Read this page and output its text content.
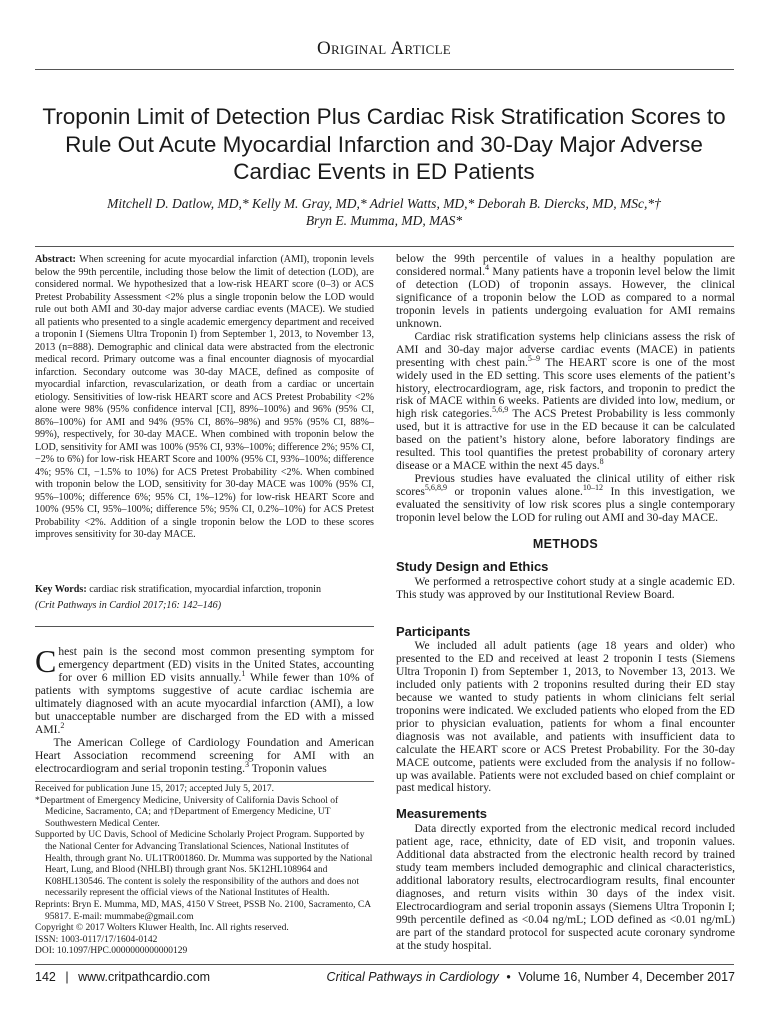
Original Article
Troponin Limit of Detection Plus Cardiac Risk Stratification Scores to Rule Out Acute Myocardial Infarction and 30-Day Major Adverse Cardiac Events in ED Patients
Mitchell D. Datlow, MD,* Kelly M. Gray, MD,* Adriel Watts, MD,* Deborah B. Diercks, MD, MSc,*†
Bryn E. Mumma, MD, MAS*

Abstract: When screening for acute myocardial infarction (AMI), troponin levels below the 99th percentile, including those below the limit of detection (LOD), are considered normal. We hypothesized that a low-risk HEART score (0–3) or ACS Pretest Probability Assessment <2% plus a single troponin below the LOD would rule out both AMI and 30-day major adverse cardiac events (MACE). We studied all patients who presented to a single academic emergency department and received a troponin I (Siemens Ultra Troponin I) from September 1, 2013, to November 13, 2013 (n=888). Demographic and clinical data were abstracted from the electronic medical record. Primary outcome was a final encounter diagnosis of myocardial infarction. Secondary outcome was 30-day MACE, defined as composite of myocardial infarction, revascularization, or death from a cardiac or uncertain etiology. Sensitivities of low-risk HEART score and ACS Pretest Probability <2% alone were 98% (95% confidence interval [CI], 89%–100%) and 96% (95% CI, 86%–100%) for AMI and 94% (95% CI, 86%–98%) and 95% (95% CI, 88%–99%), respectively, for 30-day MACE. When combined with troponin below the LOD, sensitivity for AMI was 100% (95% CI, 93%–100%; difference 2%; 95% CI, −2% to 6%) for low-risk HEART Score and 100% (95% CI, 93%–100%; difference 4%; 95% CI, −1.5% to 10%) for ACS Pretest Probability <2%. When combined with troponin below the LOD, sensitivity for 30-day MACE was 100% (95% CI, 95%–100%; difference 6%; 95% CI, 1%–12%) for low-risk HEART Score and 100% (95% CI, 95%–100%; difference 5%; 95% CI, 0.2%–10%) for ACS Pretest Probability <2%. Addition of a single troponin below the LOD to these scores improves sensitivity for 30-day MACE.

Key Words: cardiac risk stratification, myocardial infarction, troponin

(Crit Pathways in Cardiol 2017;16: 142–146)

Chest pain is the second most common presenting symptom for emergency department (ED) visits in the United States, accounting for over 6 million ED visits annually.$^1$ While fewer than 10% of patients with symptoms suggestive of acute cardiac ischemia are ultimately diagnosed with an acute myocardial infarction (AMI), a low but unacceptable number are discharged from the ED with a missed AMI.$^2$

The American College of Cardiology Foundation and American Heart Association recommend screening for AMI with an electrocardiogram and serial troponin testing.$^3$ Troponin values

Received for publication June 15, 2017; accepted July 5, 2017.

*Department of Emergency Medicine, University of California Davis School of Medicine, Sacramento, CA; and †Department of Emergency Medicine, UT Southwestern Medical Center.

Supported by UC Davis, School of Medicine Scholarly Project Program. Supported by the National Center for Advancing Translational Sciences, National Institutes of Health, through grant No. UL1TR001860. Dr. Mumma was supported by the National Heart, Lung, and Blood (NHLBI) through grant Nos. 5K12HL108964 and K08HL130546. The content is solely the responsibility of the authors and does not necessarily represent the official views of the National Institutes of Health.

Reprints: Bryn E. Mumma, MD, MAS, 4150 V Street, PSSB No. 2100, Sacramento, CA 95817. E-mail: mummabe@gmail.com

Copyright © 2017 Wolters Kluwer Health, Inc. All rights reserved.

ISSN: 1003-0117/17/1604-0142

DOI: 10.1097/HPC.0000000000000129

below the 99th percentile of values in a healthy population are considered normal.$^4$ Many patients have a troponin level below the limit of detection (LOD) of troponin assays. However, the clinical significance of a troponin below the LOD as compared to a normal troponin levels in patients undergoing evaluation for AMI remains unknown.

Cardiac risk stratification systems help clinicians assess the risk of AMI and 30-day major adverse cardiac events (MACE) in patients presenting with chest pain.$^{5-9}$ The HEART score is one of the most widely used in the ED setting. This score uses elements of the patient’s history, electrocardiogram, age, risk factors, and troponin to predict the risk of MACE within 6 weeks. Patients are divided into low, medium, or high risk categories.$^{5,6,9}$ The ACS Pretest Probability is less commonly used, but it is attractive for use in the ED because it can be calculated based on the patient’s history alone, before laboratory findings are resulted. This tool quantifies the pretest probability of coronary artery disease or a MACE within the next 45 days.$^8$

Previous studies have evaluated the clinical utility of either risk scores$^{5,6,8,9}$ or troponin values alone.$^{10-12}$ In this investigation, we evaluated the sensitivity of low risk scores plus a single contemporary troponin level below the LOD for ruling out AMI and 30-day MACE.

METHODS
Study Design and Ethics

We performed a retrospective cohort study at a single academic ED. This study was approved by our Institutional Review Board.

Participants

We included all adult patients (age 18 years and older) who presented to the ED and received at least 2 troponin I tests (Siemens Ultra Troponin I) from September 1, 2013, to November 13, 2013. We included only patients with 2 troponins resulted during their ED stay because we wanted to study patients in whom clinicians felt serial troponins were indicated. We excluded patients who eloped from the ED prior to physician evaluation, patients for whom a final encounter diagnosis was not available, and patients with insufficient data to calculate the HEART score or ACS Pretest Probability. For the 30-day MACE outcome, patients were excluded from the analysis if no follow-up was available. Patients were not excluded based on chief complaint or past medical history.

Measurements

Data directly exported from the electronic medical record included patient age, race, ethnicity, date of ED visit, and troponin values. Additional data abstracted from the electronic health record by trained study team members included demographic and clinical characteristics, additional laboratory results, electrocardiogram results, final encounter diagnoses, and return visits within 30 days of the index visit. Electrocardiogram and serial troponin assays (Siemens Ultra Troponin I; 99th percentile defined as <0.04 ng/mL; LOD defined as <0.01 ng/mL) are part of the standard protocol for suspected acute coronary syndrome at the study hospital.

142 | www.critpathcardio.com	Critical Pathways in Cardiology • Volume 16, Number 4, December 2017
